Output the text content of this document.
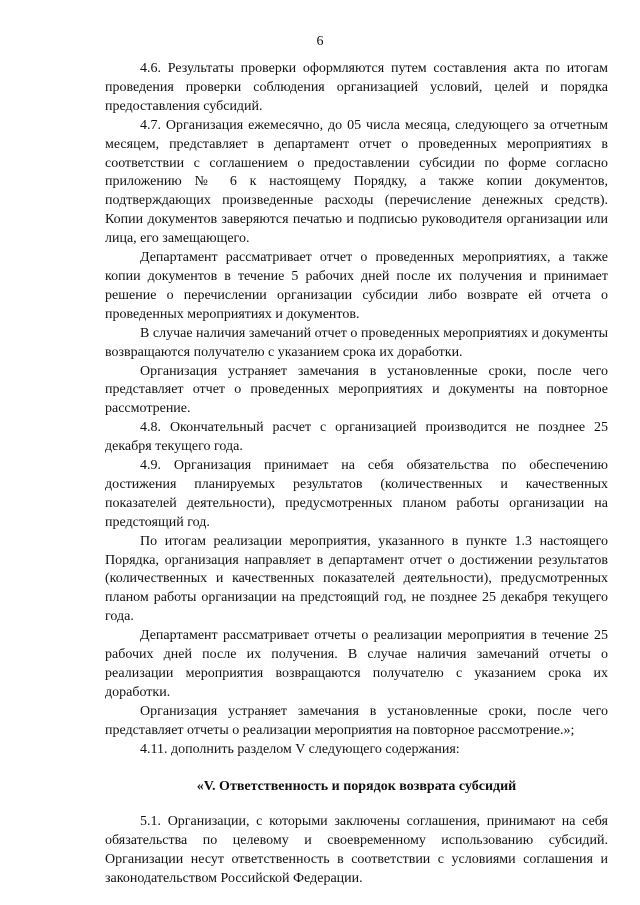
6

4.6. Результаты проверки оформляются путем составления акта по итогам проведения проверки соблюдения организацией условий, целей и порядка предоставления субсидий.

4.7. Организация ежемесячно, до 05 числа месяца, следующего за отчетным месяцем, представляет в департамент отчет о проведенных мероприятиях в соответствии с соглашением о предоставлении субсидии по форме согласно приложению № 6 к настоящему Порядку, а также копии документов, подтверждающих произведенные расходы (перечисление денежных средств). Копии документов заверяются печатью и подписью руководителя организации или лица, его замещающего.

Департамент рассматривает отчет о проведенных мероприятиях, а также копии документов в течение 5 рабочих дней после их получения и принимает решение о перечислении организации субсидии либо возврате ей отчета о проведенных мероприятиях и документов.

В случае наличия замечаний отчет о проведенных мероприятиях и документы возвращаются получателю с указанием срока их доработки.

Организация устраняет замечания в установленные сроки, после чего представляет отчет о проведенных мероприятиях и документы на повторное рассмотрение.

4.8. Окончательный расчет с организацией производится не позднее 25 декабря текущего года.

4.9. Организация принимает на себя обязательства по обеспечению достижения планируемых результатов (количественных и качественных показателей деятельности), предусмотренных планом работы организации на предстоящий год.

По итогам реализации мероприятия, указанного в пункте 1.3 настоящего Порядка, организация направляет в департамент отчет о достижении результатов (количественных и качественных показателей деятельности), предусмотренных планом работы организации на предстоящий год, не позднее 25 декабря текущего года.

Департамент рассматривает отчеты о реализации мероприятия в течение 25 рабочих дней после их получения. В случае наличия замечаний отчеты о реализации мероприятия возвращаются получателю с указанием срока их доработки.

Организация устраняет замечания в установленные сроки, после чего представляет отчеты о реализации мероприятия на повторное рассмотрение.»;

4.11. дополнить разделом V следующего содержания:

«V. Ответственность и порядок возврата субсидий

5.1. Организации, с которыми заключены соглашения, принимают на себя обязательства по целевому и своевременному использованию субсидий. Организации несут ответственность в соответствии с условиями соглашения и законодательством Российской Федерации.
